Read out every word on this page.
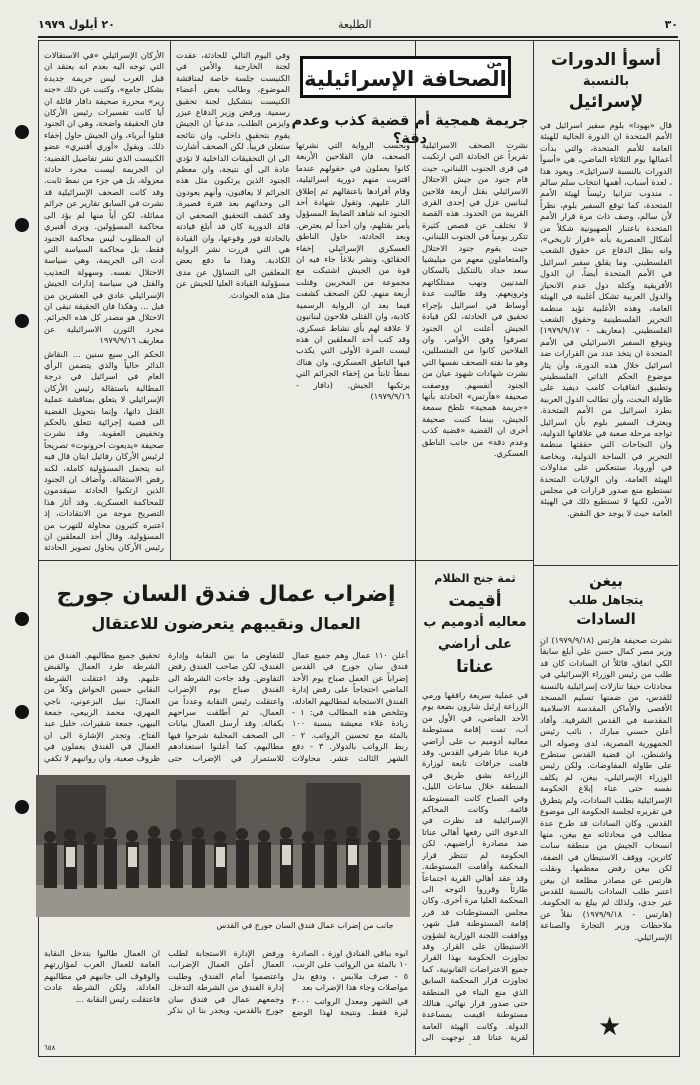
٢٠ أيلول ١٩٧٩	الطليعة	٣٠
أسوأ الدورات
بالنسبة
لإسرائيل

قال «بهودا» بلوم سفير اسرائيل في الأمم المتحدة ان الدورة الحالية للهيئة العامة للأمم المتحدة، والتي بدأت أعمالها يوم الثلاثاء الماضي، هي «أسوأ الدورات بالنسبة لاسرائيل». ويعود هذا ، لعدة أسباب، أهمها انتخاب سلم سالم ، مندوب تنزانيا رئيساً لهيئة الأمم المتحدة، كما توقع السفير بلوم، نظراً لأن سالم، وصف ذات مرة قرار الأمم المتحدة باعتبار الصهيونية شكلاً من أشكال العنصرية بأنه «قرار تاريخي»، وانه بطل الدفاع عن حقوق الشعب الفلسطيني. وما يقلق سفير اسرائيل في الأمم المتحدة أيضاً، ان الدول الأفريقية وكتلة دول عدم الانحياز والدول العربية تشكل أغلبية في الهيئة العامة، وهذه الأغلبية تؤيد منظمة التحرير الفلسطينية وحقوق الشعب الفلسطيني. (معاريف - ١٩٧٩/٩/١٧) ويتوقع السفير الاسرائيلي في الأمم المتحدة ان يتخذ عدد من القرارات ضد اسرائيل خلال هذه الدورة، وأن يثار موضوع الحكم الذاتي الفلسطيني وتطبيق اتفاقيات كامب ديفيد على طاولة البحث، وأن تطالب الدول العربية بطرد اسرائيل من الأمم المتحدة. ويعترف السفير بلوم بأن اسرائيل تواجه مرحلة صعبة في علاقاتها الدولية، وان النجاحات التي حققتها منظمة التحرير في الساحة الدولية، وبخاصة في أوروبا، ستنعكس على مداولات الهيئة العامة، وان الولايات المتحدة تستطيع منع صدور قرارات في مجلس الأمن، لكنها لا تستطيع ذلك في الهيئة العامة حيث لا يوجد حق النقض.

من
الصحافة الإسرائيلية
جريمة همجية أم قضية كذب وعدم دقة؟

نشرت الصحف الاسرائيلية تقريراً عن الحادثة التي ارتكبت في قرى الجنوب اللبناني، حيث قام جنود من جيش الاحتلال الاسرائيلي بقتل أربعة فلاحين لبنانيين عزل في إحدى القرى القريبة من الحدود. هذه القصة لا تختلف عن قصص كثيرة تتكرر يومياً في الجنوب اللبناني، حيث يقوم جنود الاحتلال والمتعاملون معهم من ميليشيا سعد حداد بالتنكيل بالسكان المدنيين ونهب ممتلكاتهم وترويعهم. وقد طالبت عدة أوساط في اسرائيل بإجراء تحقيق في الحادثة، لكن قيادة الجيش أعلنت ان الجنود تصرفوا وفق الأوامر، وان الفلاحين كانوا من المتسللين، وهو ما نفته الصحف نفسها التي نشرت شهادات شهود عيان من الجنود أنفسهم. ووصفت صحيفة «هآرتس» الحادثة بأنها «جريمة همجية» تلطخ سمعة الجيش، بينما كتبت صحيفة أخرى ان القضية «قضية كذب وعدم دقة» من جانب الناطق العسكري.

وبحسب الرواية التي نشرتها الصحف، فان الفلاحين الأربعة كانوا يعملون في حقولهم عندما اقتربت منهم دورية اسرائيلية، وقام أفرادها باعتقالهم ثم إطلاق النار عليهم. وتقول شهادة أحد الجنود انه شاهد الضابط المسؤول يأمر بقتلهم، وان أحداً لم يعترض. وبعد الحادثة، حاول الناطق العسكري الإسرائيلي إخفاء الحقائق، ونشر بلاغاً جاء فيه ان قوة من الجيش اشتبكت مع مجموعة من المخربين وقتلت أربعة منهم. لكن الصحف كشفت فيما بعد ان الرواية الرسمية كاذبة، وان القتلى فلاحون لبنانيون لا علاقة لهم بأي نشاط عسكري. وقد كتب أحد المعلقين ان هذه ليست المرة الأولى التي يكذب فيها الناطق العسكري، وان هناك نمطاً ثابتاً من إخفاء الجرائم التي يرتكبها الجيش. (دافار - ١٩٧٩/٩/١٦)

وفي اليوم التالي للحادثة، عقدت لجنة الخارجية والأمن في الكنيست جلسة خاصة لمناقشة الموضوع، وطالب بعض أعضاء الكنيست بتشكيل لجنة تحقيق رسمية. ورفض وزير الدفاع عيزر وايزمن الطلب، مدعياً ان الجيش يقوم بتحقيق داخلي، وان نتائجه ستعلن قريباً. لكن الصحف أشارت الى ان التحقيقات الداخلية لا تؤدي عادة الى أي نتيجة، وان معظم الجنود الذين يرتكبون مثل هذه الجرائم لا يعاقبون، وأنهم يعودون الى وحداتهم بعد فترة قصيرة. وقد كشف التحقيق الصحفي ان قائد الدورية كان قد أبلغ قيادته بالحادثة فور وقوعها، وان القيادة هي التي قررت نشر الرواية الكاذبة. وهذا ما دفع بعض المعلقين الى التساؤل عن مدى مسؤولية القيادة العليا للجيش عن مثل هذه الحوادث.

الأركان الإسرائيلي «في الاستقالات التي توجه اليه بعدم انه يعتقد ان قبل الغرب ليس جريمة جديدة بشكل جامع»، وكتبت عن ذلك «جنه زير» محررة صحيفة دافار قائلة ان أيا كانت تفسيرات رئيس الأركان فان الحقيقة واضحة، وهي ان الجنود قتلوا أبرياء، وان الجيش حاول إخفاء ذلك. ويقول «أوري أفنيري» عضو الكنيست الذي نشر تفاصيل القضية: ان الجريمة ليست مجرد حادثة معزولة، بل هي جزء من نمط ثابت. وقد كانت الصحف الإسرائيلية قد نشرت في السابق تقارير عن جرائم مماثلة، لكن أياً منها لم يؤد الى محاكمة المسؤولين. ويرى أفنيري ان المطلوب ليس محاكمة الجنود فقط، بل محاكمة السياسة التي أدت الى الجريمة، وهي سياسة الاحتلال نفسه. وسهولة التعذيب والقتل في سياسة إدارات الجيش الإسرائيلي عادي في العشرين من قبل ... وهكذا فان الحقيقة تبقى ان الاحتلال هو مصدر كل هذه الجرائم. مجرد الثورن الاسرائيلية عن معاريف ١٩٧٩/٩/١٦

الحكم الى سبع سنين ... النقاش الدائر حالياً والذي يتضمن الرأي العام في اسرائيل في درجة المطالبة باستقالة رئيس الأركان الإسرائيلي لا يتعلق بمناقشة عملية القتل ذاتها، وإنما بتحويل القضية الى قضية إجرائية تتعلق بالحكم وتخفيض العقوبة. وقد نشرت صحيفة «يديعوت احرونوت» تصريحاً لرئيس الأركان رفائيل ايتان قال فيه انه يتحمل المسؤولية كاملة، لكنه رفض الاستقالة. وأضاف ان الجنود الذين ارتكبوا الحادثة سيقدمون للمحاكمة العسكرية. وقد أثار هذا التصريح موجة من الانتقادات، إذ اعتبره كثيرون محاولة للتهرب من المسؤولية. وقال أحد المعلقين ان رئيس الأركان يحاول تصوير الحادثة

إضراب عمال فندق السان جورج
العمال ونقيبهم يتعرضون للاعتقال

أعلن ١١٠ عمال وهم جميع عمال فندق سان جورج في القدس إضراباً عن العمل صباح يوم الأحد الماضي احتجاجاً على رفض إدارة الفندق الاستجابة لمطالبهم العادلة، وتتلخص هذه المطالب في: ١ - زيادة غلاء معيشة بنسبة ١٠٠ بالمئة مع تحسين الرواتب. ٢ - ربط الرواتب بالدولار. ٣ - دفع الشهر الثالث عشر. محاولات للتفاوض ما بين النقابة وإدارة الفندق، لكن صاحب الفندق رفض التفاوض. وقد جاءت الشرطة الى الفندق صباح يوم الإضراب واعتقلت رئيس النقابة وعدداً من العمال، ثم أطلقت سراحهم بكفالة. وقد أرسل العمال بيانات الى الصحف المحلية شرحوا فيها مطالبهم، كما أعلنوا استعدادهم للاستمرار في الإضراب حتى تحقيق جميع مطالبهم. الفندق من الشرطة طرد العمال والقبض عليهم. وقد اعتقلت الشرطة النقابي حسين الحواش وكلاً من العمال: نبيل البزعوني، ناجي المهري، محمد الربيعي، جمعة البيهي، جمعة شقيرات، خليل عبد الفتاح. وتجدر الإشارة الى ان العمال في الفندق يعملون في ظروف صعبة، وان رواتبهم لا تكفي

جانب من إضراب عمال فندق السان جورج في القدس

ابوه بباقي الفنادق اوزة ، الصادرة ١٠ بالمئة من الرواتب على الرنب، ٥ - صرف ملابس ، ودفع بدل مواصلات وجاء هذا الإضراب بعد

في الشهر ومعدل الرواتب ٣٠٠٠ ليرة فقط. ونتيجة لهذا الوضع ورفض الإدارة الاستجابة لطلب العمال أعلن العمال الإضراب، واعتصموا أمام الفندق، وطلبت إدارة الفندق من الشرطة التدخل. وجمعهم عمال في فندق سان جورج بالقدس، ويجدر بنا ان نذكر ان العمال طالبوا بتدخل النقابة العامة للعمال العرب لمؤازرتهم والوقوف الى جانبهم في مطالبهم العادلة، ولكن الشرطة عادت فاعتقلت رئيس النقابة ...

ثمة جنح الظلام
أقيمت
معاليه أدوميم ب
على أراضي
عناتا

في عملية سريعة رافقها ورمي الزراعة إرئيل شارون بضعة يوم الأحد الماضي، في الأول من آب، تمت إقامة مستوطنة معاليه أدوميم ب على أراضي قرية عناتا شرقي القدس. وقد قامت جرافات تابعة لوزارة الزراعة بشق طريق في المنطقة خلال ساعات الليل، وفي الصباح كانت المستوطنة قائمة. وكانت المحاكم الإسرائيلية قد نظرت في الدعوى التي رفعها أهالي عناتا ضد مصادرة أراضيهم، لكن الحكومة لم تنتظر قرار المحكمة وأقامت المستوطنة. وقد عقد أهالي القرية اجتماعاً طارئاً وقرروا التوجه الى المحكمة العليا مرة أخرى. وكان مجلس المستوطنات قد قرر إقامة المستوطنة قبل شهر، ووافقت اللجنة الوزارية لشؤون الاستيطان على القرار. وقد تجاوزت الحكومة بهذا القرار جميع الاعتراضات القانونية، كما تجاوزت قرار المحكمة السابق الذي منع البناء في المنطقة حتى صدور قرار نهائي. هنالك مستوطنة اقيمت بمساعدة الدولة. وكانت الهيئة العامة لقرية عناتا قد توجهت الى

بيغن
يتجاهل طلب
السادات

نشرت صحيفة هارتس (١٩٧٩/٩/١٨) ان وزير مصر كمال حسن علي أبلغ سابقاً الكي اتفاق، قائلاً ان السادات كان قد طلب من رئيس الوزراء الإسرائيلي في محادثات حيفا تنازلات إسرائيلية بالنسبة للقدس، من ضمنها تسليم المسجد الأقصى والأماكن المقدسة الاسلامية المقدسة في القدس الشرقية. وأفاد أعلن حسني مبارك ، نائب رئيس الجمهورية المصرية، لدى وصوله الى واشنطن، ان قضية القدس ستطرح على طاولة المفاوضات. ولكن رئيس الوزراء الإسرائيلي، بيغن، لم يكلف نفسه حتى عناء إبلاغ الحكومة الإسرائيلية بطلب السادات، ولم يتطرق في تقريره لجلسة الحكومة الى موضوع القدس. وكان السادات قد طرح عدة مطالب في محادثاته مع بيغن، منها انسحاب الجيش من منطقة سانت كاترين، ووقف الاستيطان في الضفة، لكن بيغن رفض معظمها. ونقلت هارتس عن مصادر مطلعة ان بيغن اعتبر طلب السادات بالنسبة للقدس غير جدي، ولذلك لم يبلغ به الحكومة. (هارتس - ١٩٧٩/٩/١٨) نقلاً عن ملاحظات وزير التجارة والصناعة الإسرائيلي.

★
٦٥٨
